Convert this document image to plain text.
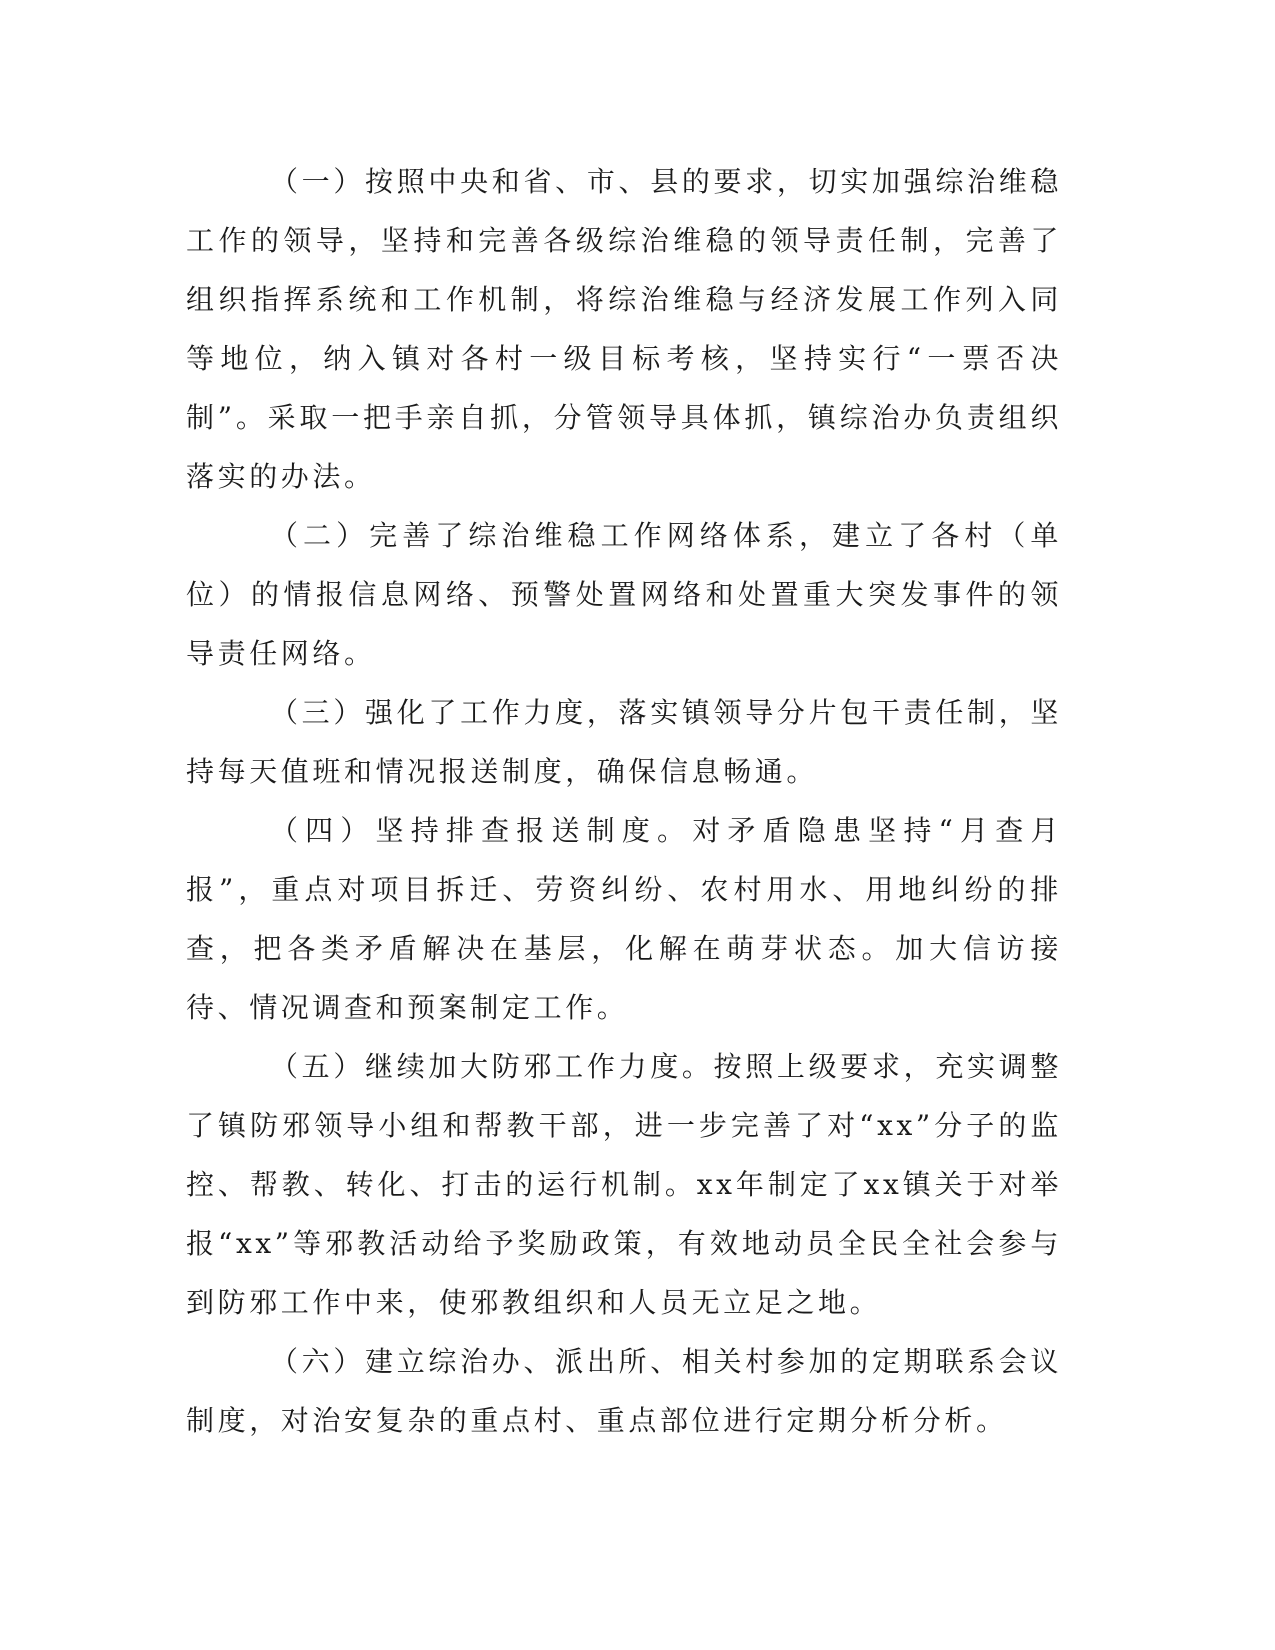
（一）按照中央和省、市、县的要求，切实加强综治维稳工作的领导，坚持和完善各级综治维稳的领导责任制，完善了组织指挥系统和工作机制，将综治维稳与经济发展工作列入同等地位，纳入镇对各村一级目标考核，坚持实行“一票否决制”。采取一把手亲自抓，分管领导具体抓，镇综治办负责组织落实的办法。

（二）完善了综治维稳工作网络体系，建立了各村（单位）的情报信息网络、预警处置网络和处置重大突发事件的领导责任网络。

（三）强化了工作力度，落实镇领导分片包干责任制，坚持每天值班和情况报送制度，确保信息畅通。

（四）坚持排查报送制度。对矛盾隐患坚持“月查月报”，重点对项目拆迁、劳资纠纷、农村用水、用地纠纷的排查，把各类矛盾解决在基层，化解在萌芽状态。加大信访接待、情况调查和预案制定工作。

（五）继续加大防邪工作力度。按照上级要求，充实调整了镇防邪领导小组和帮教干部，进一步完善了对“xx”分子的监控、帮教、转化、打击的运行机制。xx年制定了xx镇关于对举报“xx”等邪教活动给予奖励政策，有效地动员全民全社会参与到防邪工作中来，使邪教组织和人员无立足之地。

（六）建立综治办、派出所、相关村参加的定期联系会议制度，对治安复杂的重点村、重点部位进行定期分析分析。
